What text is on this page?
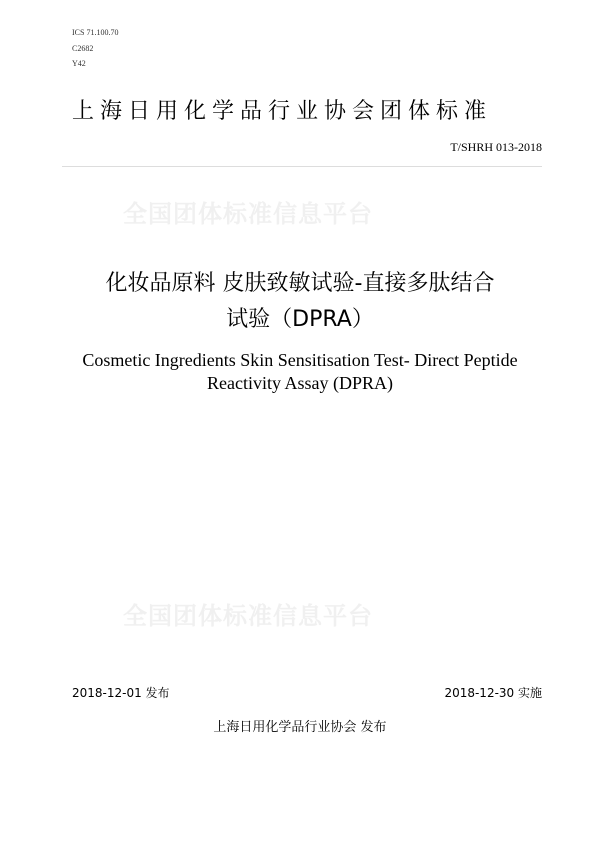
ICS 71.100.70
C2682
Y42
上海日用化学品行业协会团体标准
T/SHRH 013-2018
全国团体标准信息平台
化妆品原料 皮肤致敏试验-直接多肽结合
试验（DPRA）
Cosmetic Ingredients Skin Sensitisation Test- Direct Peptide
Reactivity Assay (DPRA)
全国团体标准信息平台
2018-12-01 发布	2018-12-30 实施
上海日用化学品行业协会 发布
